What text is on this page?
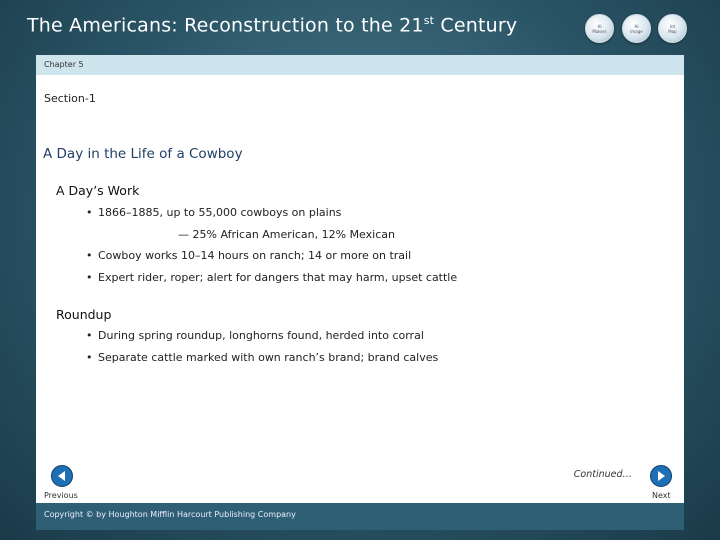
The Americans: Reconstruction to the 21st Century	Hi
Makers
Hi
Image
Int
Map
Chapter 5
Section-1
A Day in the Life of a Cowboy
A Day’s Work
• 1866–1885, up to 55,000 cowboys on plains
— 25% African American, 12% Mexican
• Cowboy works 10–14 hours on ranch; 14 or more on trail
• Expert rider, roper; alert for dangers that may harm, upset cattle
Roundup
• During spring roundup, longhorns found, herded into corral
• Separate cattle marked with own ranch’s brand; brand calves
Continued…
Previous	Next
Copyright © by Houghton Mifflin Harcourt Publishing Company
